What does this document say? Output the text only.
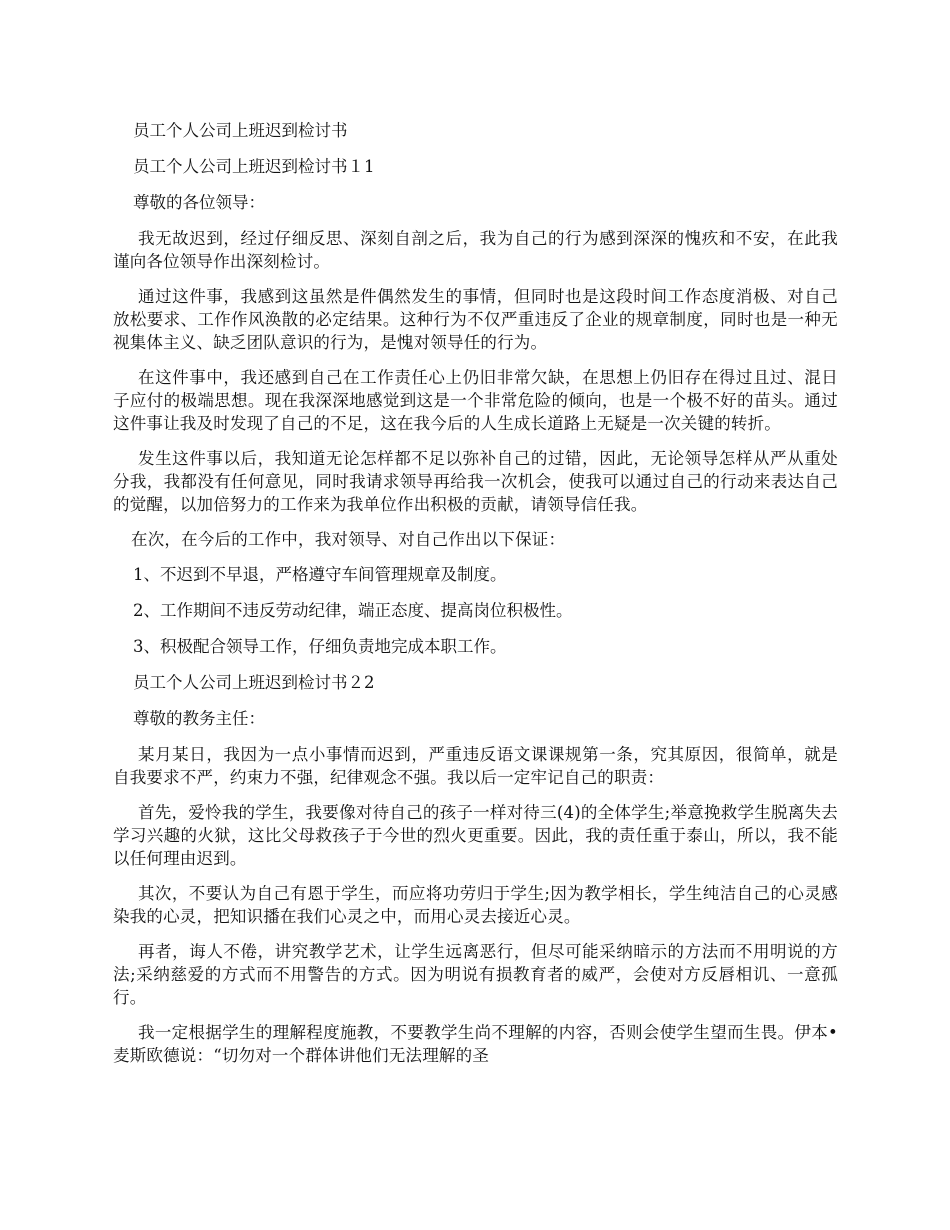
员工个人公司上班迟到检讨书
员工个人公司上班迟到检讨书１1
尊敬的各位领导：

我无故迟到，经过仔细反思、深刻自剖之后，我为自己的行为感到深深的愧疚和不安，在此我谨向各位领导作出深刻检讨。

通过这件事，我感到这虽然是件偶然发生的事情，但同时也是这段时间工作态度消极、对自己放松要求、工作作风涣散的必定结果。这种行为不仅严重违反了企业的规章制度，同时也是一种无视集体主义、缺乏团队意识的行为，是愧对领导任的行为。

在这件事中，我还感到自己在工作责任心上仍旧非常欠缺，在思想上仍旧存在得过且过、混日子应付的极端思想。现在我深深地感觉到这是一个非常危险的倾向，也是一个极不好的苗头。通过这件事让我及时发现了自己的不足，这在我今后的人生成长道路上无疑是一次关键的转折。

发生这件事以后，我知道无论怎样都不足以弥补自己的过错，因此，无论领导怎样从严从重处分我，我都没有任何意见，同时我请求领导再给我一次机会，使我可以通过自己的行动来表达自己的觉醒，以加倍努力的工作来为我单位作出积极的贡献，请领导信任我。

在次，在今后的工作中，我对领导、对自己作出以下保证：

1、不迟到不早退，严格遵守车间管理规章及制度。
2、工作期间不违反劳动纪律，端正态度、提高岗位积极性。
3、积极配合领导工作，仔细负责地完成本职工作。
员工个人公司上班迟到检讨书２2
尊敬的教务主任：

某月某日，我因为一点小事情而迟到，严重违反语文课课规第一条，究其原因，很简单，就是自我要求不严，约束力不强，纪律观念不强。我以后一定牢记自己的职责：

首先，爱怜我的学生，我要像对待自己的孩子一样对待三(4)的全体学生;举意挽救学生脱离失去学习兴趣的火狱，这比父母救孩子于今世的烈火更重要。因此，我的责任重于泰山，所以，我不能以任何理由迟到。

其次，不要认为自己有恩于学生，而应将功劳归于学生;因为教学相长，学生纯洁自己的心灵感染我的心灵，把知识播在我们心灵之中，而用心灵去接近心灵。

再者，诲人不倦，讲究教学艺术，让学生远离恶行，但尽可能采纳暗示的方法而不用明说的方法;采纳慈爱的方式而不用警告的方式。因为明说有损教育者的威严，会使对方反唇相讥、一意孤行。

我一定根据学生的理解程度施教，不要教学生尚不理解的内容，否则会使学生望而生畏。伊本•麦斯欧德说：“切勿对一个群体讲他们无法理解的圣
